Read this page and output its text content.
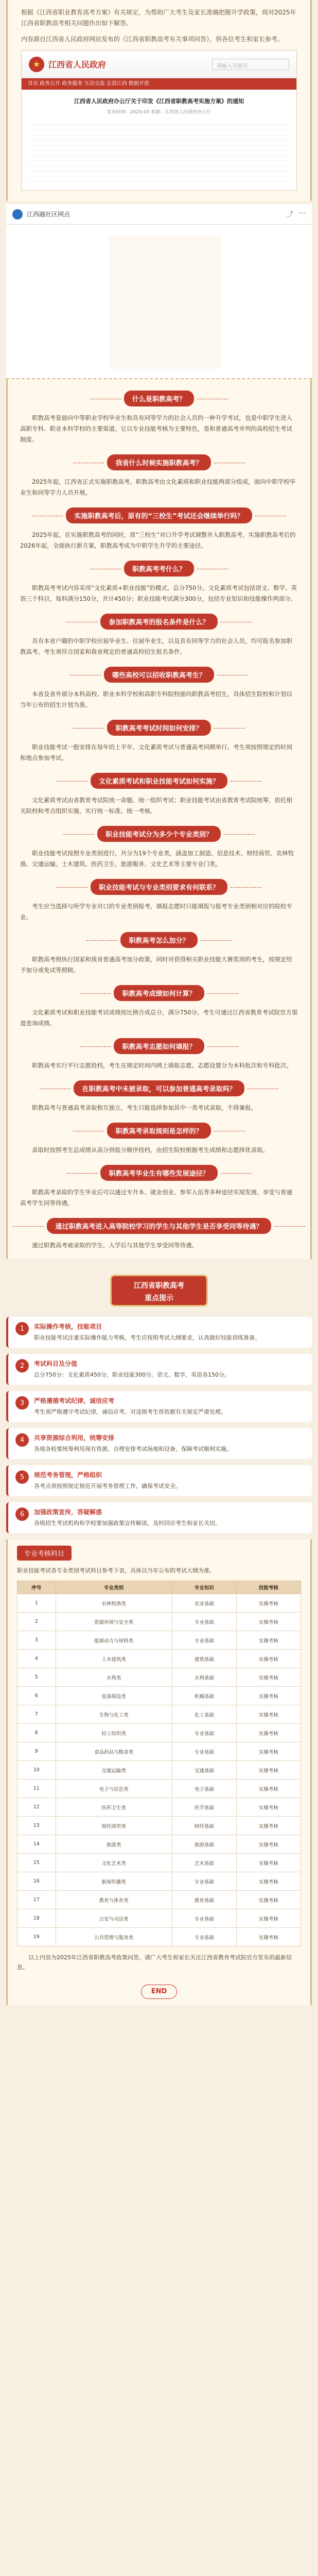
根据《江西省职业教育高考方案》有关规定，为帮助广大考生及家长准确把握升学政策，现对2025年江西省职教高考相关问题作出如下解答。

内容源自江西省人民政府网站发布的《江西省职教高考有关事项问答》，供各位考生和家长参考。

★ 江西省人民政府	请输入关键词
首页 政务公开 政务服务 互动交流 走进江西 数据开放
江西省人民政府办公厅关于印发《江西省职教高考实施方案》的通知
发布时间：2025-03 来源：江西省人民政府办公厅
江西融社区网点	⤴ ⋯
什么是职教高考？

职教高考是面向中等职业学校毕业生和具有同等学力的社会人员的一种升学考试，也是中职学生进入高职专科、职业本科学校的主要渠道。它以专业技能考核为主要特色，是和普通高考并列的高校招生考试制度。

我省什么时候实施职教高考？

2025年起，江西省正式实施职教高考，职教高考由文化素质和职业技能两部分组成，面向中职学校毕业生和同等学力人员开展。

实施职教高考后，原有的“三校生”考试还会继续举行吗？

2025年起，在实施职教高考的同时，原“三校生”对口升学考试调整并入职教高考。实施职教高考后的2026年起，全面执行新方案，职教高考成为中职学生升学的主要途径。

职教高考考什么？

职教高考考试内容采用“文化素质+职业技能”的模式，总分750分。文化素质考试包括语文、数学、英语三个科目，每科满分150分，共计450分；职业技能考试满分300分，包括专业知识和技能操作两部分。

参加职教高考的报名条件是什么？

具有本省户籍的中职学校应届毕业生、往届毕业生，以及具有同等学力的社会人员，均可报名参加职教高考。考生须符合国家和我省规定的普通高校招生报名条件。

哪些高校可以招收职教高考生？

本省及省外部分本科高校、职业本科学校和高职专科院校面向职教高考招生，具体招生院校和计划以当年公布的招生计划为准。

职教高考考试时间如何安排？

职业技能考试一般安排在每年的上半年，文化素质考试与普通高考同期举行。考生须按照规定的时间和地点参加考试。

文化素质考试和职业技能考试如何实施？

文化素质考试由省教育考试院统一命题、统一组织考试；职业技能考试由省教育考试院统筹，依托相关院校和考点组织实施，实行统一标准、统一考核。

职业技能考试分为多少个专业类别？

职业技能考试按照专业类别进行，共分为19个专业类，涵盖加工制造、信息技术、财经商贸、农林牧渔、交通运输、土木建筑、医药卫生、旅游服务、文化艺术等主要专业门类。

职业技能考试与专业类别要求有何联系？

考生应当选择与所学专业对口的专业类别报考，填报志愿时只能填报与报考专业类别相对应的院校专业。

职教高考怎么加分？

职教高考照执行国家和我省普通高考加分政策，同时对获得相关职业技能大赛奖项的考生，按规定给予加分或免试等照顾。

职教高考成绩如何计算？

文化素质考试和职业技能考试成绩按比例合成总分，满分750分。考生可通过江西省教育考试院官方渠道查询成绩。

职教高考志愿如何填报？

职教高考实行平行志愿投档，考生在规定时间内网上填报志愿。志愿设置分为本科批次和专科批次。

在职教高考中未被录取，可以参加普通高考录取吗？

职教高考与普通高考录取相互独立，考生只能选择参加其中一类考试录取，不得兼报。

职教高考录取规则是怎样的？

录取时按照考生总成绩从高分到低分顺序投档，由招生院校根据考生成绩和志愿择优录取。

职教高考毕业生有哪些发展途径？

职教高考录取的学生毕业后可以通过专升本、就业创业、参军入伍等多种途径实现发展，享受与普通高考学生同等待遇。

通过职教高考进入高等院校学习的学生与其他学生是否享受同等待遇？

通过职教高考被录取的学生，入学后与其他学生享受同等待遇。

江西省职教高考
重点提示
1	实际操作考核，技能项目

职业技能考试注重实际操作能力考核，考生应按照考试大纲要求，认真做好技能训练准备。

2	考试科目及分值

总分750分：文化素质450分，职业技能300分。语文、数学、英语各150分。

3	严格遵循考试纪律，诚信应考

考生须严格遵守考试纪律，诚信应考。对违规考生将依据有关规定严肃处理。

4	共享资源综合利用，统筹安排

各地各校要统筹利用现有资源，合理安排考试场地和设备，保障考试顺利实施。

5	规范考务管理，严格组织

各考点须按照规定规范开展考务管理工作，确保考试安全。

6	加强政策宣传，答疑解惑

各级招生考试机构和学校要加强政策宣传解读，及时回应考生和家长关切。

专业考核科目

职业技能考试各专业类别考试科目参考下表，具体以当年公布的考试大纲为准。

序号	专业类别	专业知识	技能考核
1	农林牧渔类	农业基础	实操考核
2	资源环境与安全类	专业基础	实操考核
3	能源动力与材料类	专业基础	实操考核
4	土木建筑类	建筑基础	实操考核
5	水利类	水利基础	实操考核
6	装备制造类	机械基础	实操考核
7	生物与化工类	化工基础	实操考核
8	轻工纺织类	专业基础	实操考核
9	食品药品与粮食类	专业基础	实操考核
10	交通运输类	交通基础	实操考核
11	电子与信息类	电子基础	实操考核
12	医药卫生类	医学基础	实操考核
13	财经商贸类	财经基础	实操考核
14	旅游类	旅游基础	实操考核
15	文化艺术类	艺术基础	实操考核
16	新闻传播类	专业基础	实操考核
17	教育与体育类	教育基础	实操考核
18	公安与司法类	专业基础	实操考核
19	公共管理与服务类	专业基础	实操考核

以上内容为2025年江西省职教高考政策问答，请广大考生和家长关注江西省教育考试院官方发布的最新信息。

END
